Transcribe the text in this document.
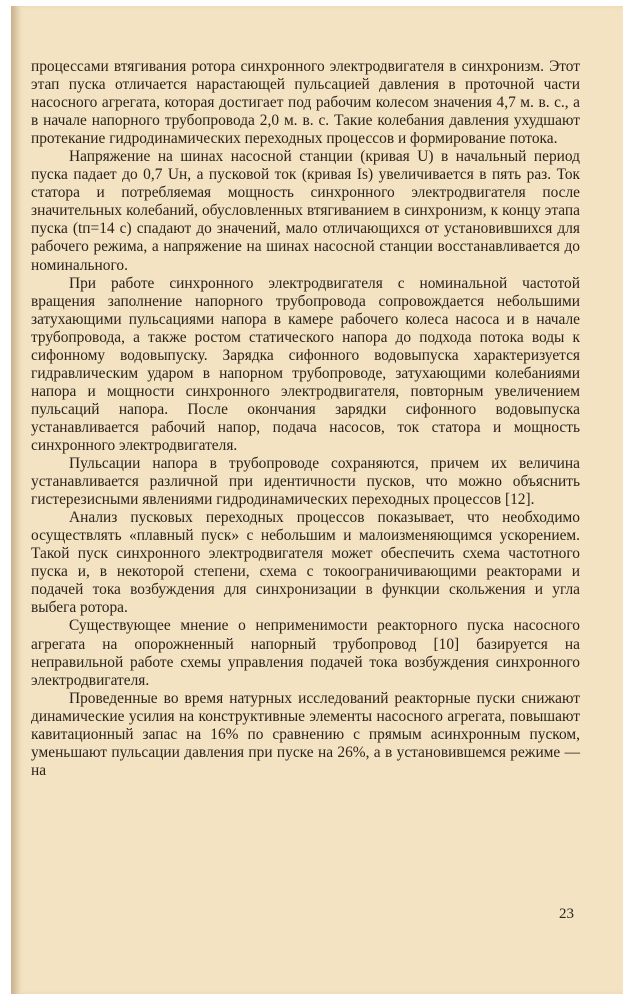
процессами втягивания ротора синхронного электродвигателя в синхронизм. Этот этап пуска отличается нарастающей пульсацией давления в проточной части насосного агрегата, которая достигает под рабочим колесом значения 4,7 м. в. с., а в начале напорного трубопровода 2,0 м. в. с. Такие колебания давления ухудшают протекание гидродинамических переходных процессов и формирование потока.

Напряжение на шинах насосной станции (кривая U) в начальный период пуска падает до 0,7 Uн, а пусковой ток (кривая Is) увеличивается в пять раз. Ток статора и потребляемая мощность синхронного электродвигателя после значительных колебаний, обусловленных втягиванием в синхронизм, к концу этапа пуска (tп=14 с) спадают до значений, мало отличающихся от установившихся для рабочего режима, а напряжение на шинах насосной станции восстанавливается до номинального.

При работе синхронного электродвигателя с номинальной частотой вращения заполнение напорного трубопровода сопровождается небольшими затухающими пульсациями напора в камере рабочего колеса насоса и в начале трубопровода, а также ростом статического напора до подхода потока воды к сифонному водовыпуску. Зарядка сифонного водовыпуска характеризуется гидравлическим ударом в напорном трубопроводе, затухающими колебаниями напора и мощности синхронного электродвигателя, повторным увеличением пульсаций напора. После окончания зарядки сифонного водовыпуска устанавливается рабочий напор, подача насосов, ток статора и мощность синхронного электродвигателя.

Пульсации напора в трубопроводе сохраняются, причем их величина устанавливается различной при идентичности пусков, что можно объяснить гистерезисными явлениями гидродинамических переходных процессов [12].

Анализ пусковых переходных процессов показывает, что необходимо осуществлять «плавный пуск» с небольшим и малоизменяющимся ускорением. Такой пуск синхронного электродвигателя может обеспечить схема частотного пуска и, в некоторой степени, схема с токоограничивающими реакторами и подачей тока возбуждения для синхронизации в функции скольжения и угла выбега ротора.

Существующее мнение о неприменимости реакторного пуска насосного агрегата на опорожненный напорный трубопровод [10] базируется на неправильной работе схемы управления подачей тока возбуждения синхронного электродвигателя.

Проведенные во время натурных исследований реакторные пуски снижают динамические усилия на конструктивные элементы насосного агрегата, повышают кавитационный запас на 16% по сравнению с прямым асинхронным пуском, уменьшают пульсации давления при пуске на 26%, а в установившемся режиме — на

23
